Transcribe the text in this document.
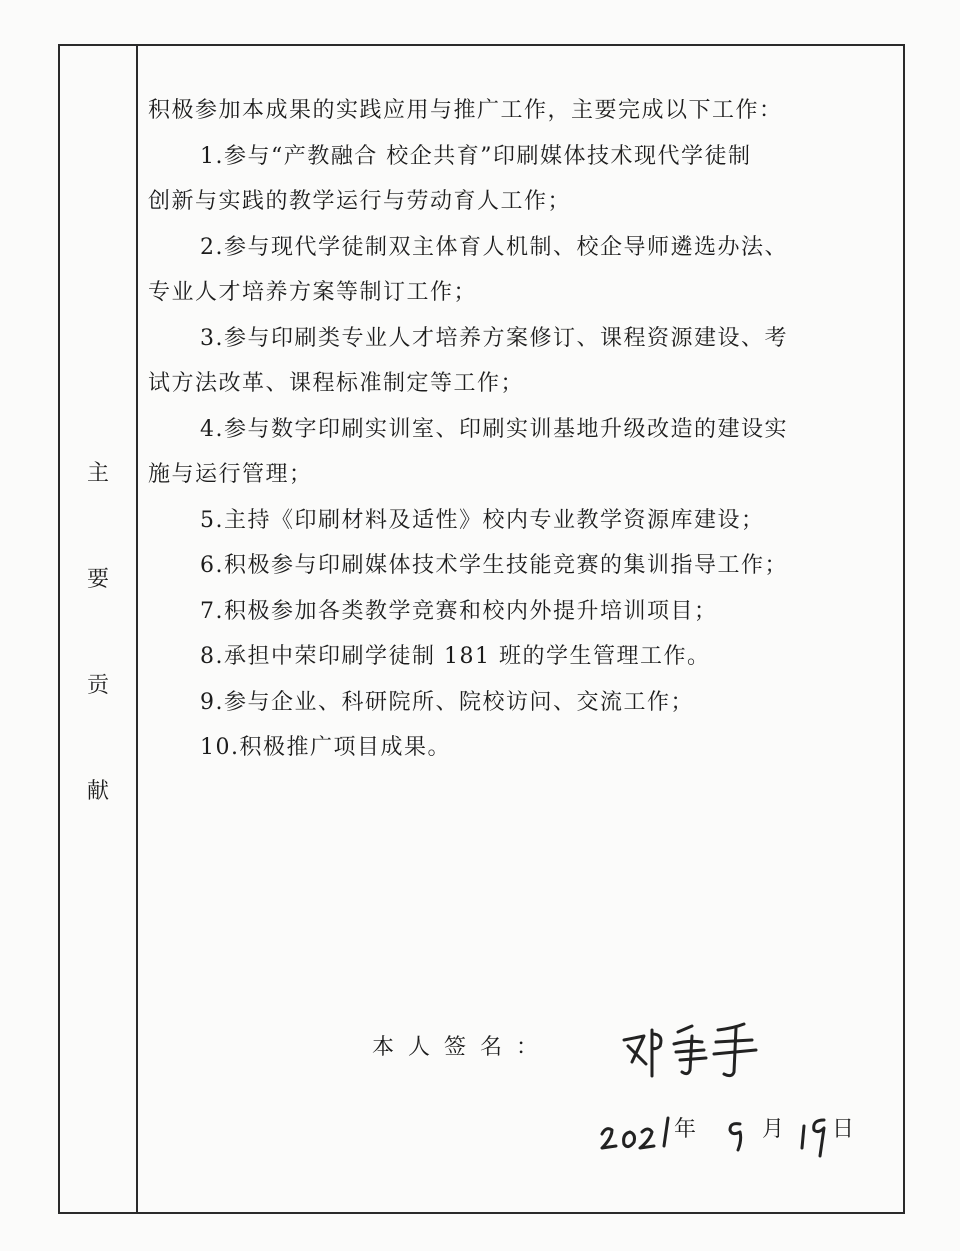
主
要
贡
献
积极参加本成果的实践应用与推广工作，主要完成以下工作：
1.参与“产教融合 校企共育”印刷媒体技术现代学徒制
创新与实践的教学运行与劳动育人工作；
2.参与现代学徒制双主体育人机制、校企导师遴选办法、
专业人才培养方案等制订工作；
3.参与印刷类专业人才培养方案修订、课程资源建设、考
试方法改革、课程标准制定等工作；
4.参与数字印刷实训室、印刷实训基地升级改造的建设实
施与运行管理；
5.主持《印刷材料及适性》校内专业教学资源库建设；
6.积极参与印刷媒体技术学生技能竞赛的集训指导工作；
7.积极参加各类教学竞赛和校内外提升培训项目；
8.承担中荣印刷学徒制 181 班的学生管理工作。
9.参与企业、科研院所、院校访问、交流工作；
10.积极推广项目成果。
本人签名：
年	月 日
